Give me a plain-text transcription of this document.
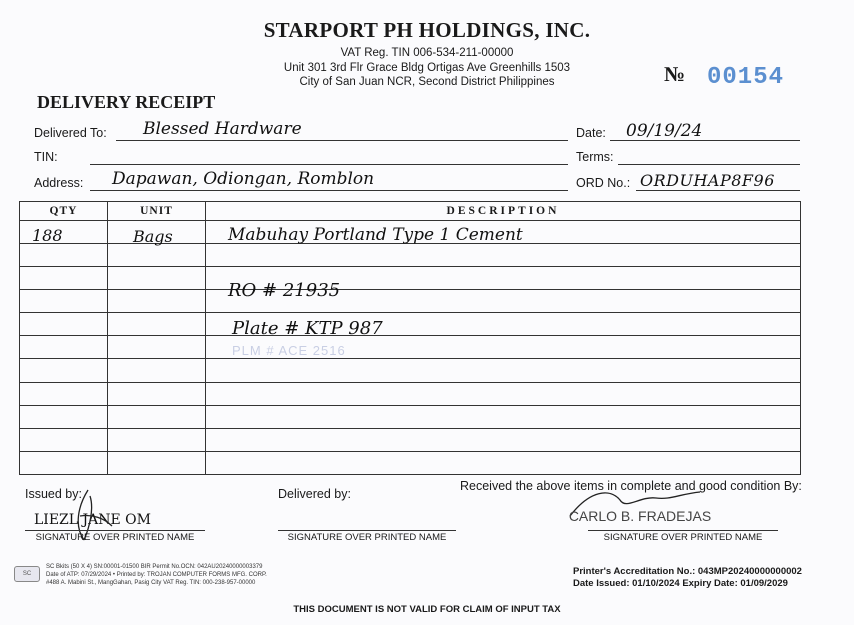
STARPORT PH HOLDINGS, INC.
VAT Reg. TIN 006-534-211-00000
Unit 301 3rd Flr Grace Bldg Ortigas Ave Greenhills 1503
City of San Juan NCR, Second District Philippines	№ 00154
DELIVERY RECEIPT
Delivered To: Blessed Hardware	Date: 09/19/24
TIN:	Terms:
Address: Dapawan, Odiongan, Romblon	ORD No.: ORDUHAP8F96
QTY	UNIT	DESCRIPTION

188	Bags	Mabuhay Portland Type 1 Cement
RO # 21935
Plate # KTP 987
PLM # ACE 2516
Issued by:
LIEZL JANE OM
SIGNATURE OVER PRINTED NAME
Delivered by:
SIGNATURE OVER PRINTED NAME
Received the above items in complete and good condition By:
CARLO B. FRADEJAS
SIGNATURE OVER PRINTED NAME
SC
SC Bkits (50 X 4) SN:00001-01500 BIR Permit No.OCN: 042AU20240000003379
Date of ATP: 07/29/2024 • Printed by: TROJAN COMPUTER FORMS MFG. CORP.
#488 A. Mabini St., MangGahan, Pasig City VAT Reg. TIN: 000-238-957-00000
Printer's Accreditation No.: 043MP20240000000002
Date Issued: 01/10/2024 Expiry Date: 01/09/2029
THIS DOCUMENT IS NOT VALID FOR CLAIM OF INPUT TAX
